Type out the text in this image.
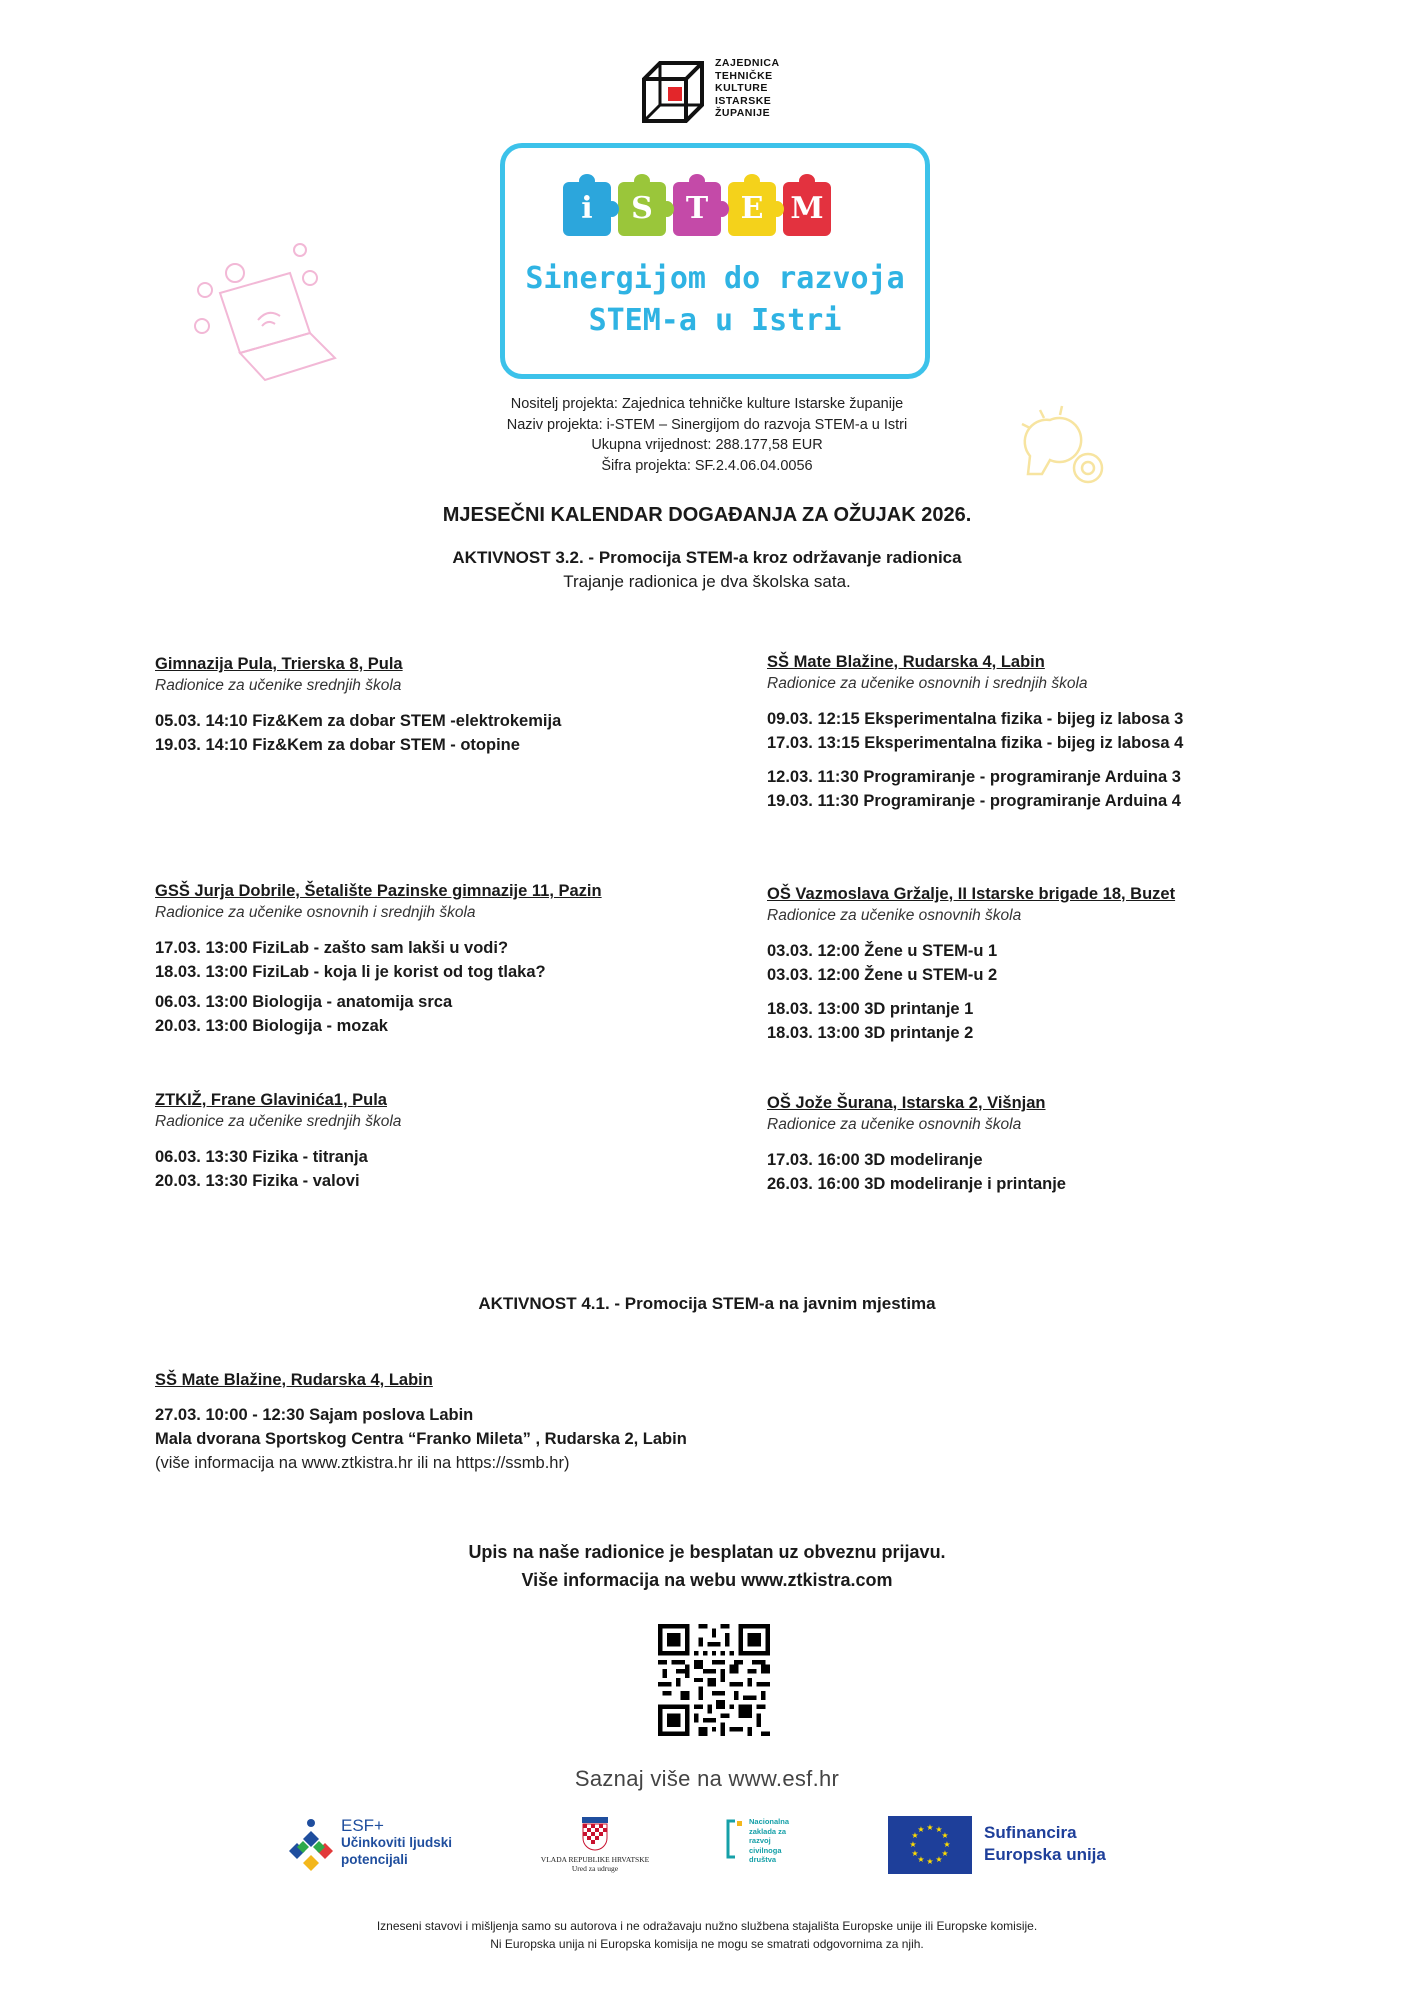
ZAJEDNICA
TEHNIČKE
KULTURE
ISTARSKE
ŽUPANIJE
i	S	T	E M
Sinergijom do razvoja
STEM-a u Istri
Nositelj projekta: Zajednica tehničke kulture Istarske županije
Naziv projekta: i-STEM – Sinergijom do razvoja STEM-a u Istri
Ukupna vrijednost: 288.177,58 EUR
Šifra projekta: SF.2.4.06.04.0056
MJESEČNI KALENDAR DOGAĐANJA ZA OŽUJAK 2026.
AKTIVNOST 3.2. - Promocija STEM-a kroz održavanje radionica
Trajanje radionica je dva školska sata.
Gimnazija Pula, Trierska 8, Pula
Radionice za učenike srednjih škola
05.03. 14:10 Fiz&Kem za dobar STEM -elektrokemija
19.03. 14:10 Fiz&Kem za dobar STEM - otopine
SŠ Mate Blažine, Rudarska 4, Labin
Radionice za učenike osnovnih i srednjih škola
09.03. 12:15 Eksperimentalna fizika - bijeg iz labosa 3
17.03. 13:15 Eksperimentalna fizika - bijeg iz labosa 4
12.03. 11:30 Programiranje - programiranje Arduina 3
19.03. 11:30 Programiranje - programiranje Arduina 4
GSŠ Jurja Dobrile, Šetalište Pazinske gimnazije 11, Pazin
Radionice za učenike osnovnih i srednjih škola
17.03. 13:00 FiziLab - zašto sam lakši u vodi?
18.03. 13:00 FiziLab - koja li je korist od tog tlaka?
06.03. 13:00 Biologija - anatomija srca
20.03. 13:00 Biologija - mozak
OŠ Vazmoslava Gržalje, II Istarske brigade 18, Buzet
Radionice za učenike osnovnih škola
03.03. 12:00 Žene u STEM-u 1
03.03. 12:00 Žene u STEM-u 2
18.03. 13:00 3D printanje 1
18.03. 13:00 3D printanje 2
ZTKIŽ, Frane Glavinića1, Pula
Radionice za učenike srednjih škola
06.03. 13:30 Fizika - titranja
20.03. 13:30 Fizika - valovi
OŠ Jože Šurana, Istarska 2, Višnjan
Radionice za učenike osnovnih škola
17.03. 16:00 3D modeliranje
26.03. 16:00 3D modeliranje i printanje
AKTIVNOST 4.1. - Promocija STEM-a na javnim mjestima
SŠ Mate Blažine, Rudarska 4, Labin
27.03. 10:00 - 12:30 Sajam poslova Labin
Mala dvorana Sportskog Centra “Franko Mileta” , Rudarska 2, Labin
(više informacija na www.ztkistra.hr ili na https://ssmb.hr)
Upis na naše radionice je besplatan uz obveznu prijavu.
Više informacija na webu www.ztkistra.com
Saznaj više na www.esf.hr
ESF+
Učinkoviti ljudski
potencijali	VLADA REPUBLIKE HRVATSKE
Ured za udruge
Nacionalna
zaklada za
razvoj
civilnoga
društva
★ ★
★
★
★
★
★
★
★
★
★
★	Sufinancira
Europska unija
Izneseni stavovi i mišljenja samo su autorova i ne odražavaju nužno službena stajališta Europske unije ili Europske komisije.
Ni Europska unija ni Europska komisija ne mogu se smatrati odgovornima za njih.
